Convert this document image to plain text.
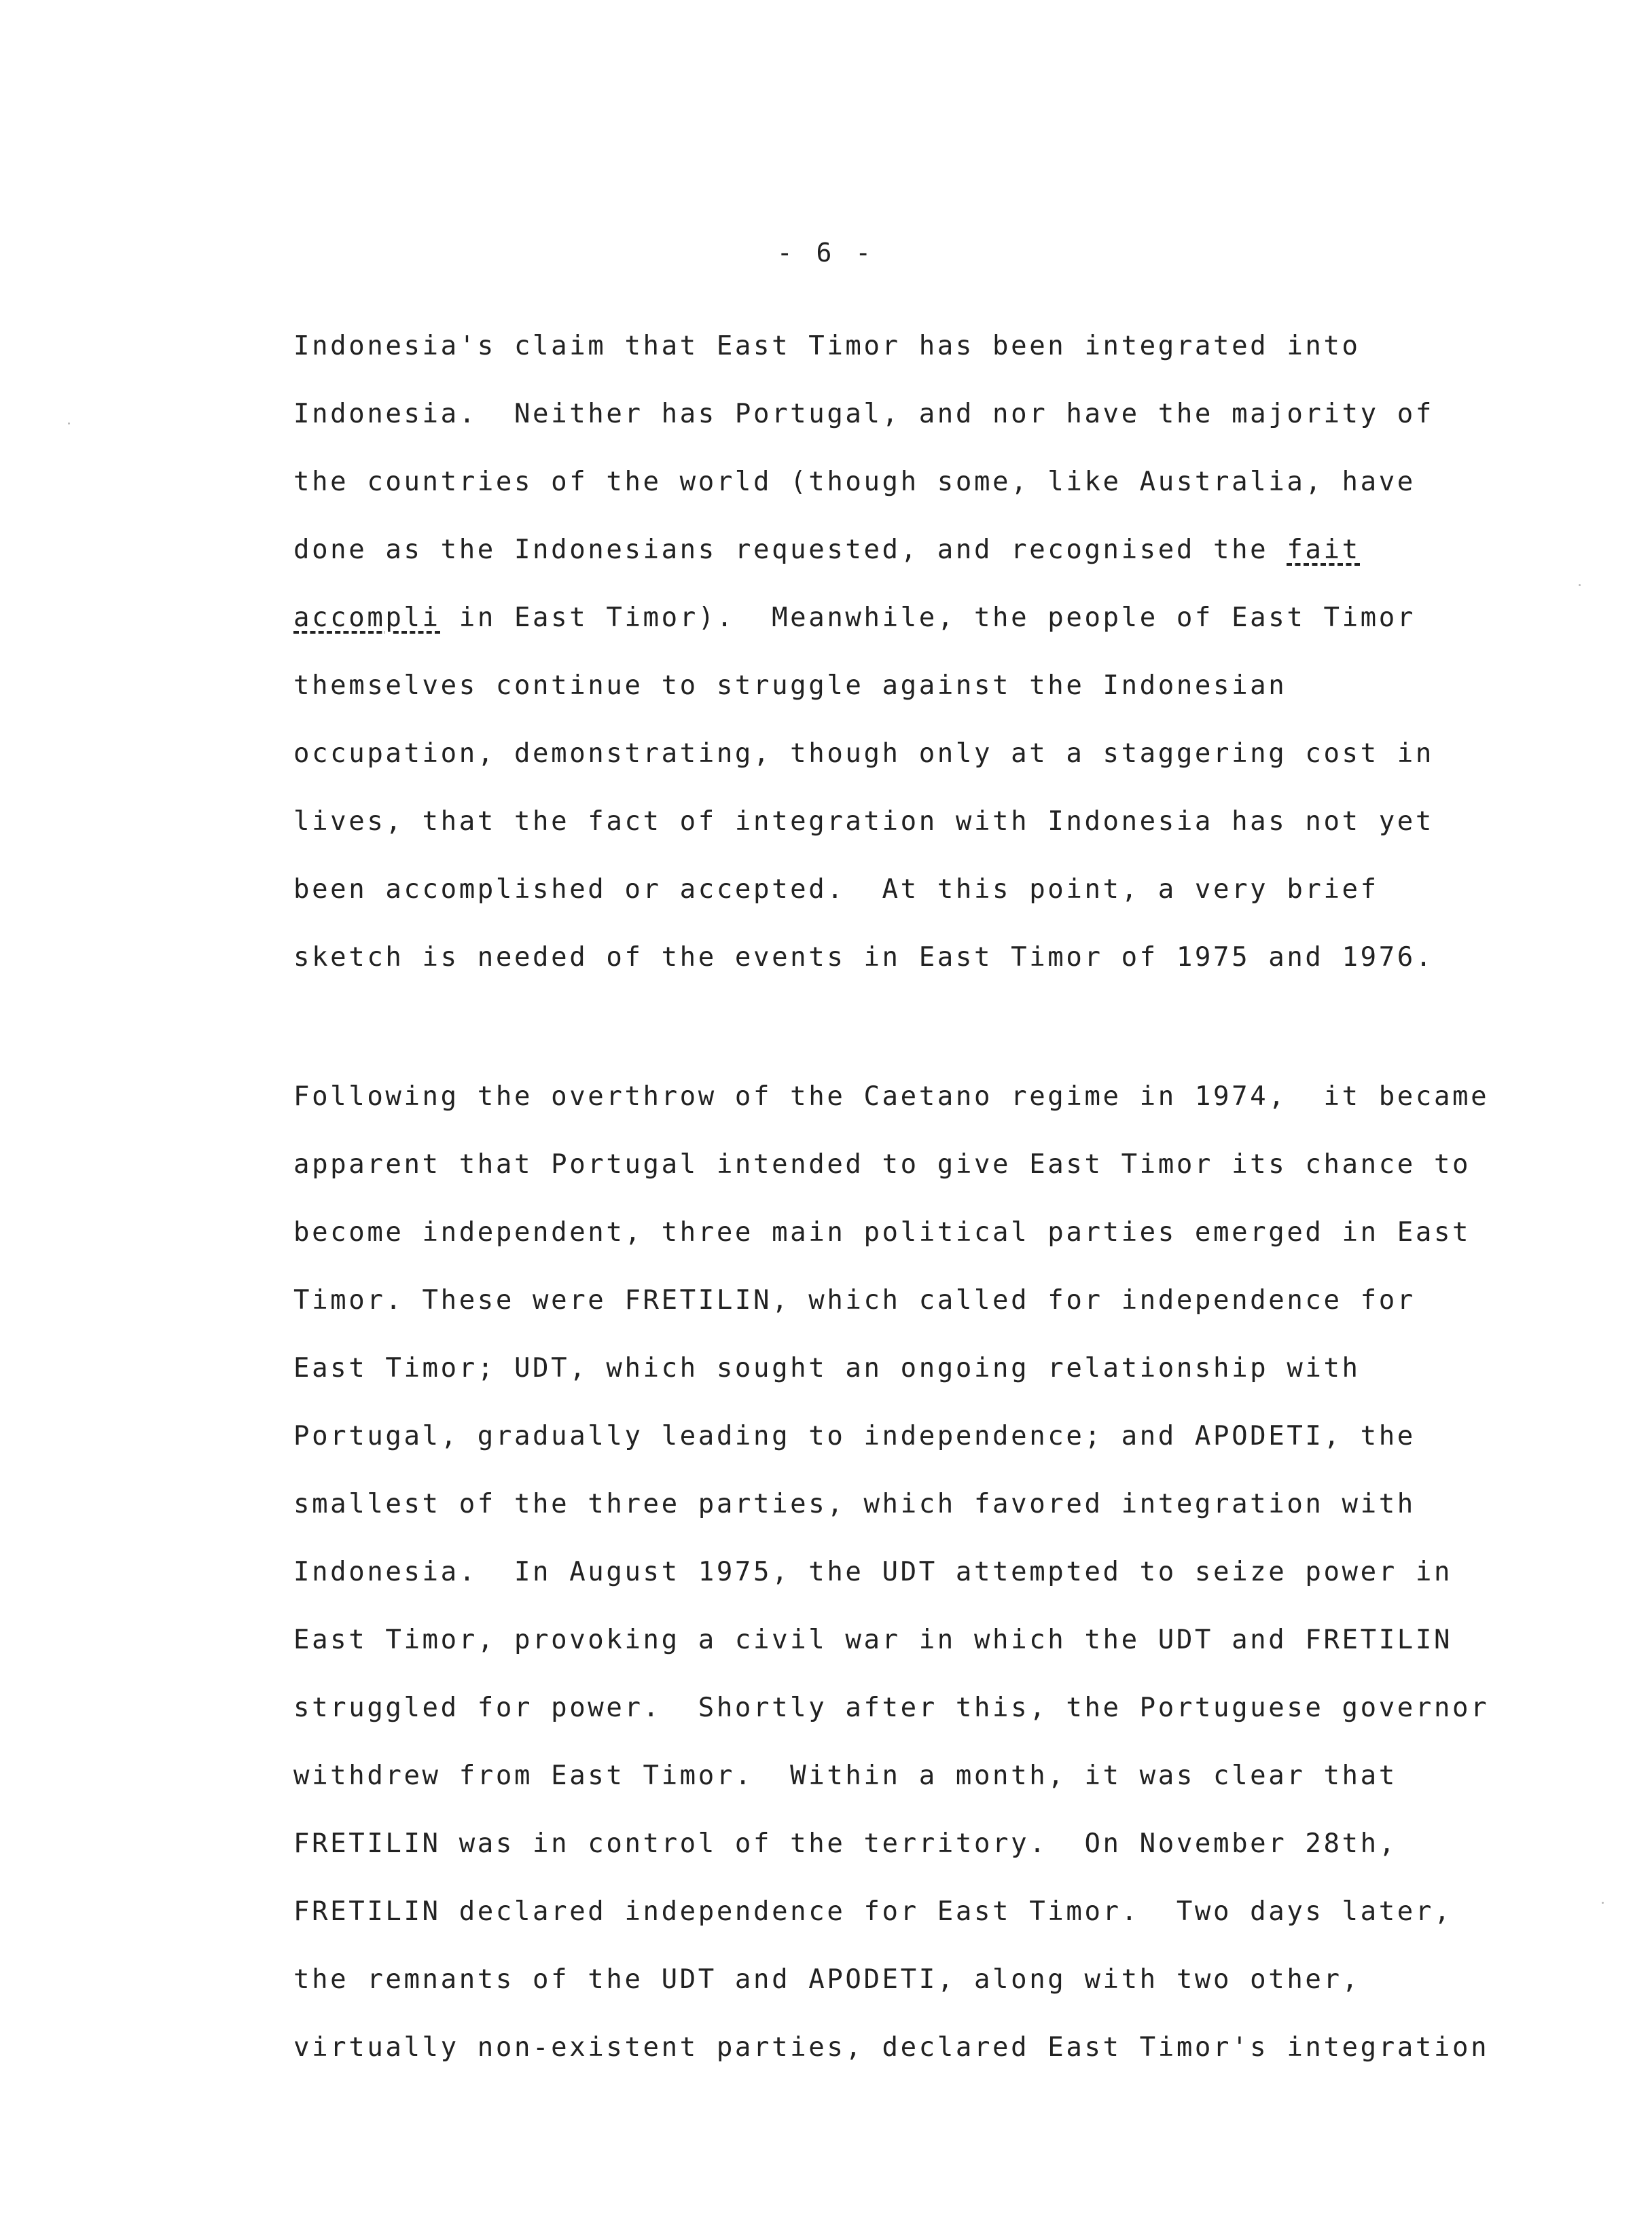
- 6 -
Indonesia's claim that East Timor has been integrated into
Indonesia.  Neither has Portugal, and nor have the majority of
the countries of the world (though some, like Australia, have
done as the Indonesians requested, and recognised the fait
accompli in East Timor).  Meanwhile, the people of East Timor
themselves continue to struggle against the Indonesian
occupation, demonstrating, though only at a staggering cost in
lives, that the fact of integration with Indonesia has not yet
been accomplished or accepted.  At this point, a very brief
sketch is needed of the events in East Timor of 1975 and 1976.
Following the overthrow of the Caetano regime in 1974,  it became
apparent that Portugal intended to give East Timor its chance to
become independent, three main political parties emerged in East
Timor. These were FRETILIN, which called for independence for
East Timor; UDT, which sought an ongoing relationship with
Portugal, gradually leading to independence; and APODETI, the
smallest of the three parties, which favored integration with
Indonesia.  In August 1975, the UDT attempted to seize power in
East Timor, provoking a civil war in which the UDT and FRETILIN
struggled for power.  Shortly after this, the Portuguese governor
withdrew from East Timor.  Within a month, it was clear that
FRETILIN was in control of the territory.  On November 28th,
FRETILIN declared independence for East Timor.  Two days later,
the remnants of the UDT and APODETI, along with two other,
virtually non-existent parties, declared East Timor's integration
